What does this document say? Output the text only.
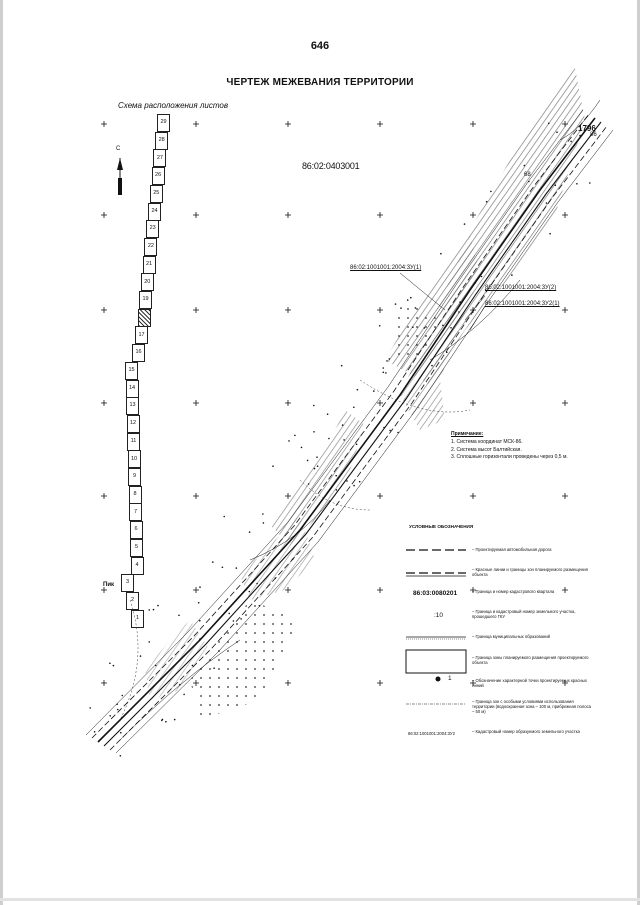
646
ЧЕРТЕЖ МЕЖЕВАНИЯ ТЕРРИТОРИИ
Схема расположения листов
29
28
27
26
25
24
23
22
21
20
19
17
16
15
14
13
12
11
10
9
8
7
6
5
4
3
2
1
С
Пик
86:02:0403001
86:02:1001001:2004:3У(1)
86:02:1001001:2004:3У(2)
86:02:1001001:2004:3У2(1)
1796
68
86
Примечание:
1. Система координат МСК-86.
2. Система высот Балтийская.
3. Сплошные горизонтали проведены через 0,5 м.
УСЛОВНЫЕ ОБОЗНАЧЕНИЯ
86:03:0080201
:10
1
86:02:1001001:2004:3У2
– Проектируемая автомобильная дорога
– Красные линии и границы зон планируемого размещения объекта
– Граница и номер кадастрового квартала
– Граница и кадастровый номер земельного участка, прошедшего ГКУ
– Граница муниципальных образований
– Граница зоны планируемого размещения проектируемого объекта
– Обозначение характерной точки проектируемых красных линий
– Граница зон с особыми условиями использования территории (водоохранная зона – 100 м, прибрежная полоса – 50 м)
– Кадастровый номер образуемого земельного участка
